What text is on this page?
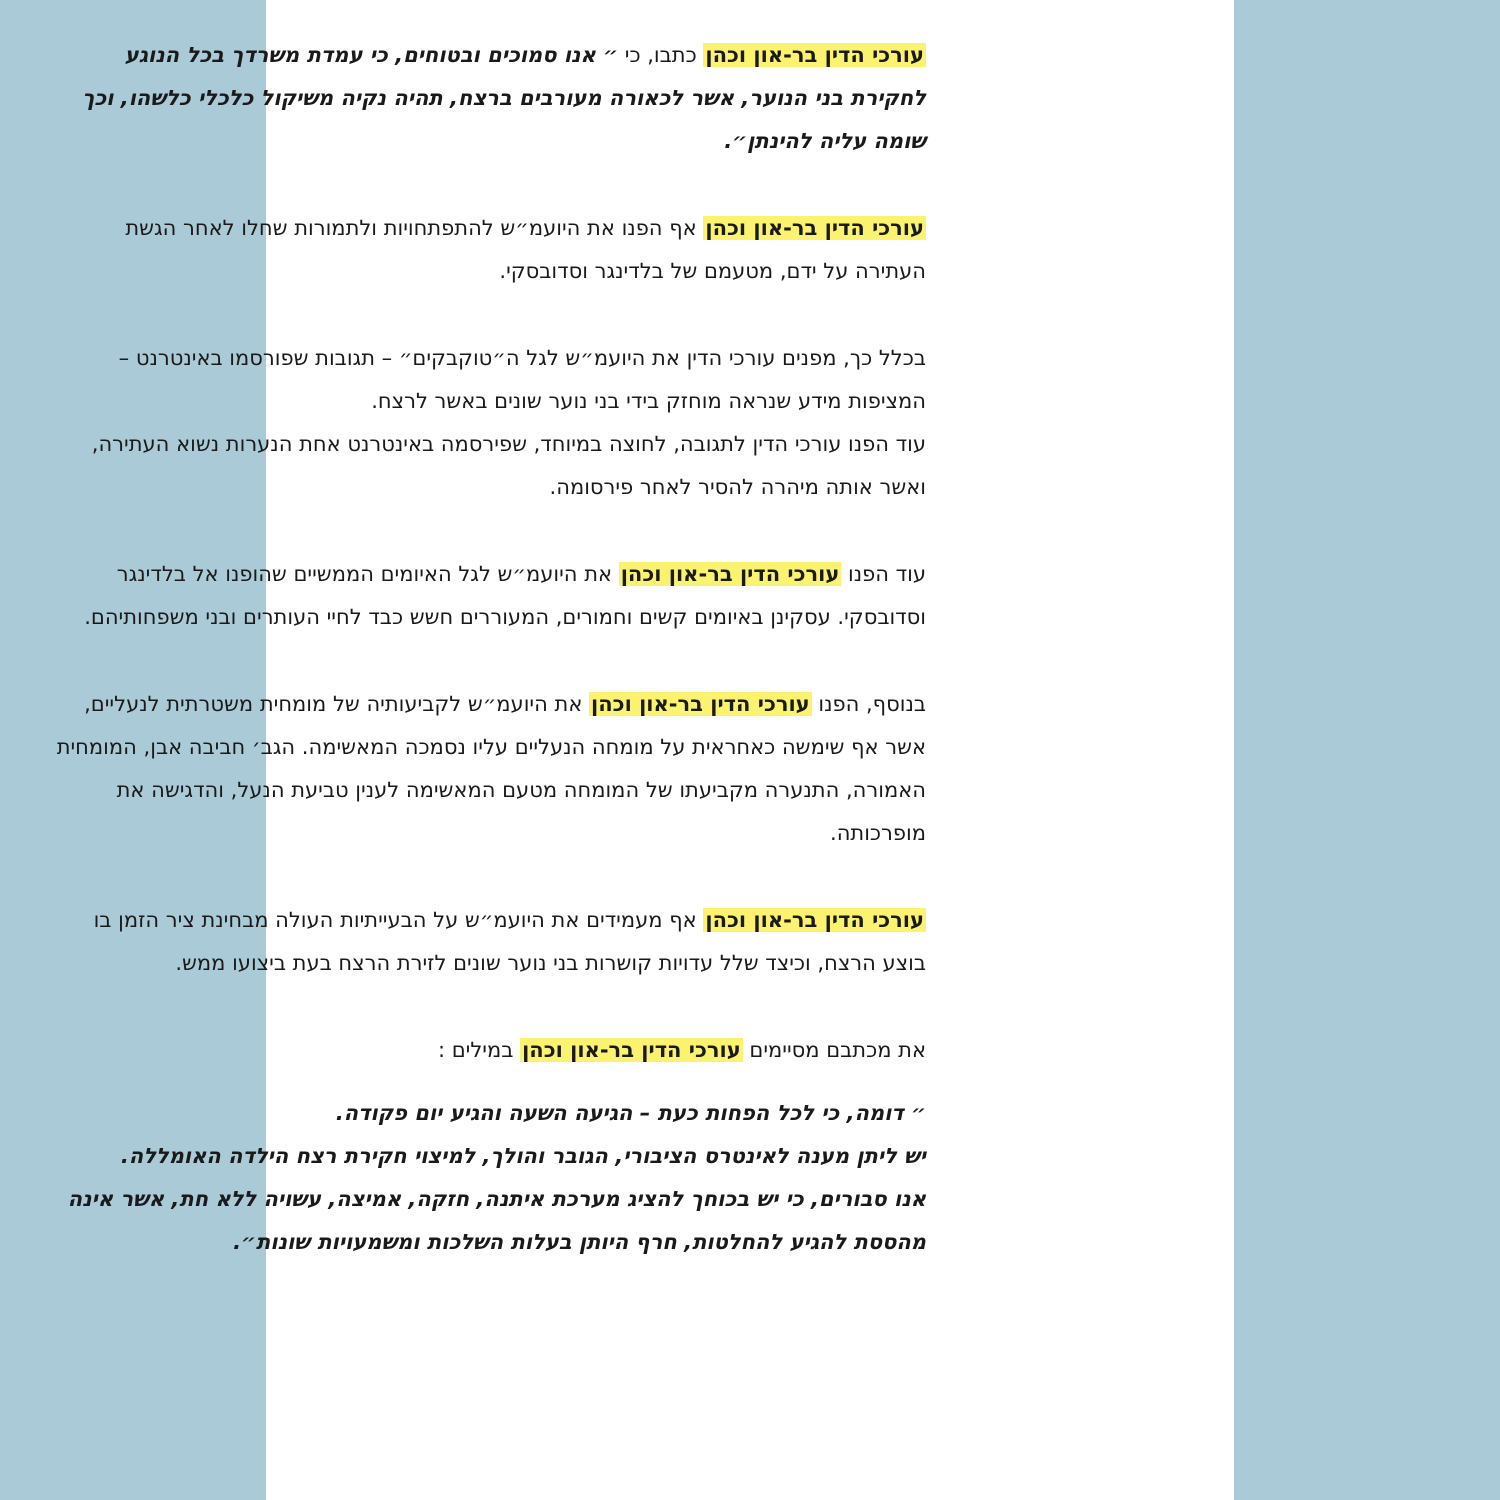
עורכי הדין בר-און וכהן כתבו, כי ״ אנו סמוכים ובטוחים, כי עמדת משרדך בכל הנוגע לחקירת בני הנוער, אשר לכאורה מעורבים ברצח, תהיה נקיה משיקול כלכלי כלשהו, וכך שומה עליה להינתן״.

עורכי הדין בר-און וכהן אף הפנו את היועמ״ש להתפתחויות ולתמורות שחלו לאחר הגשת העתירה על ידם, מטעמם של בלדינגר וסדובסקי.

בכלל כך, מפנים עורכי הדין את היועמ״ש לגל ה״טוקבקים״ – תגובות שפורסמו באינטרנט – המציפות מידע שנראה מוחזק בידי בני נוער שונים באשר לרצח.

עוד הפנו עורכי הדין לתגובה, לחוצה במיוחד, שפירסמה באינטרנט אחת הנערות נשוא העתירה, ואשר אותה מיהרה להסיר לאחר פירסומה.

עוד הפנו עורכי הדין בר-און וכהן את היועמ״ש לגל האיומים הממשיים שהופנו אל בלדינגר וסדובסקי. עסקינן באיומים קשים וחמורים, המעוררים חשש כבד לחיי העותרים ובני משפחותיהם.

בנוסף, הפנו עורכי הדין בר-און וכהן את היועמ״ש לקביעותיה של מומחית משטרתית לנעליים, אשר אף שימשה כאחראית על מומחה הנעליים עליו נסמכה המאשימה. הגב׳ חביבה אבן, המומחית האמורה, התנערה מקביעתו של המומחה מטעם המאשימה לענין טביעת הנעל, והדגישה את מופרכותה.

עורכי הדין בר-און וכהן אף מעמידים את היועמ״ש על הבעייתיות העולה מבחינת ציר הזמן בו בוצע הרצח, וכיצד שלל עדויות קושרות בני נוער שונים לזירת הרצח בעת ביצועו ממש.

את מכתבם מסיימים עורכי הדין בר-און וכהן במילים :

״ דומה, כי לכל הפחות כעת – הגיעה השעה והגיע יום פקודה.

יש ליתן מענה לאינטרס הציבורי, הגובר והולך, למיצוי חקירת רצח הילדה האומללה.

אנו סבורים, כי יש בכוחך להציג מערכת איתנה, חזקה, אמיצה, עשויה ללא חת, אשר אינה מהססת להגיע להחלטות, חרף היותן בעלות השלכות ומשמעויות שונות״.
